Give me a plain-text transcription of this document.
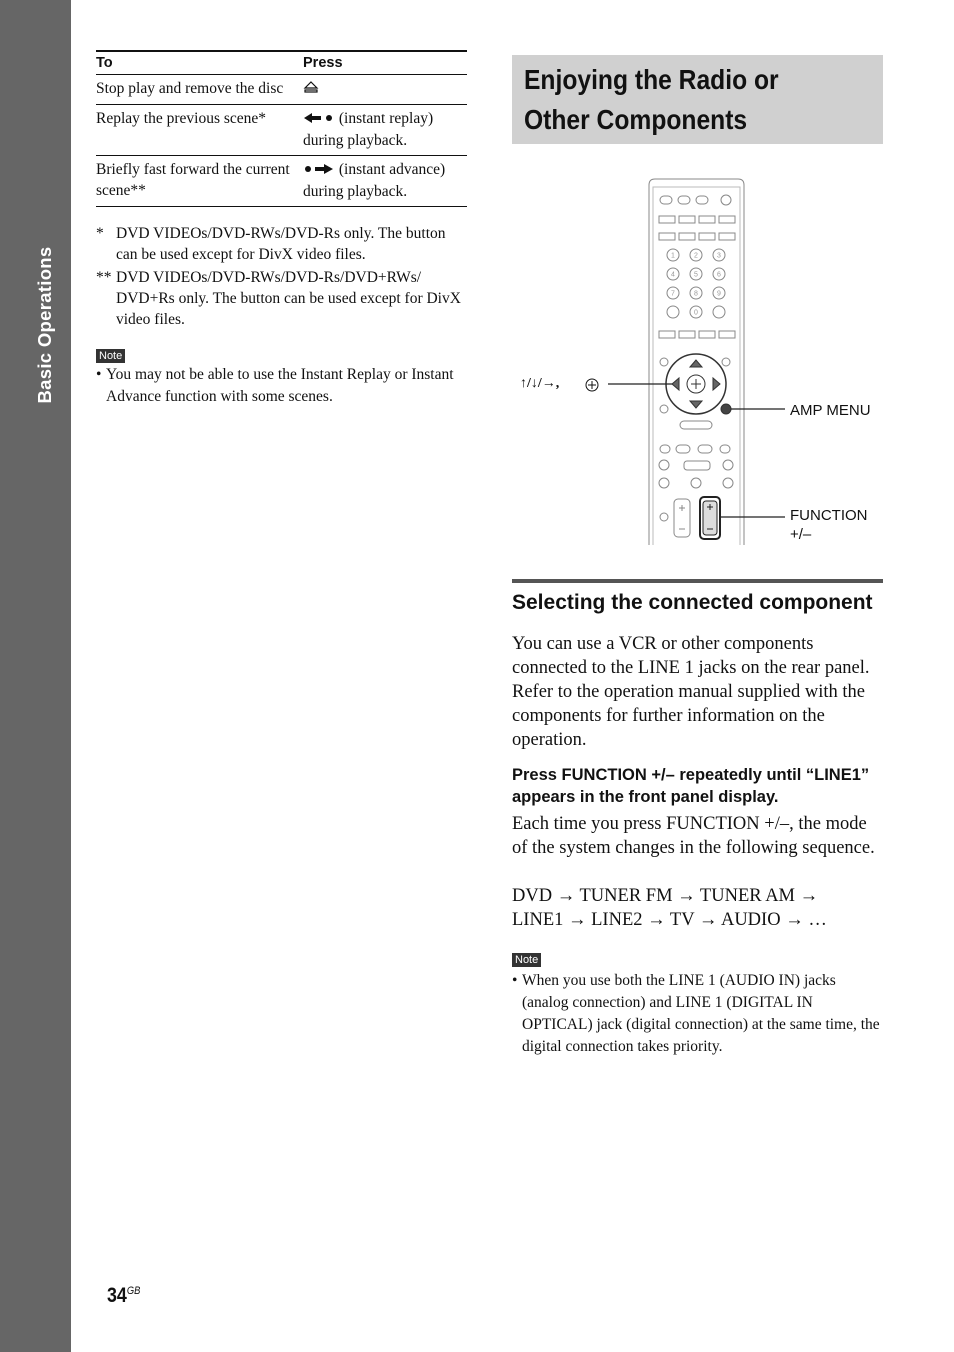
Basic Operations
To	Press
Stop play and remove the disc	
Replay the previous scene*	(instant replay) during playback.
Briefly fast forward the current scene**	(instant advance) during playback.
* DVD VIDEOs/DVD-RWs/DVD-Rs only. The button can be used except for DivX video files.
** DVD VIDEOs/DVD-RWs/DVD-Rs/DVD+RWs/ DVD+Rs only. The button can be used except for DivX video files.
Note
• You may not be able to use the Instant Replay or Instant Advance function with some scenes.
Enjoying the Radio or Other Components
1	2	3
4	5	6
7	8	9
0
↑/↓/→,
AMP MENU
FUNCTION
+/–
Selecting the connected component
You can use a VCR or other components connected to the LINE 1 jacks on the rear panel. Refer to the operation manual supplied with the components for further information on the operation.
Press FUNCTION +/– repeatedly until “LINE1” appears in the front panel display.
Each time you press FUNCTION +/–, the mode of the system changes in the following sequence.
DVD → TUNER FM → TUNER AM →
LINE1 → LINE2 → TV → AUDIO → …
Note
• When you use both the LINE 1 (AUDIO IN) jacks (analog connection) and LINE 1 (DIGITAL IN OPTICAL) jack (digital connection) at the same time, the digital connection takes priority.
$34^{GB}$
